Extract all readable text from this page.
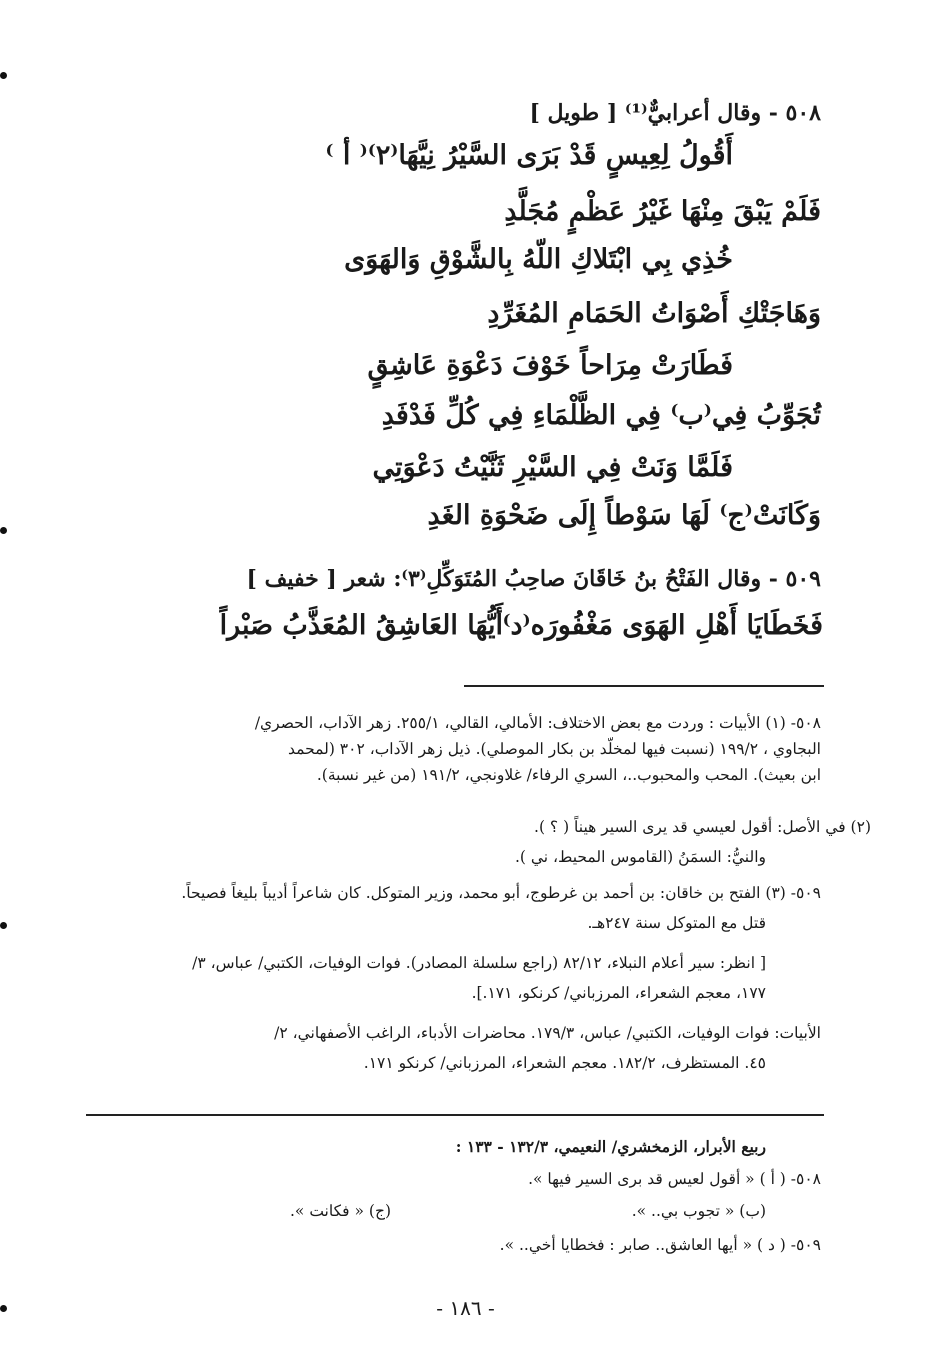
٥٠٨ - وقال أعرابيٌّ⁽¹⁾ [ طويل ]
أَقُولُ لِعِيسٍ قَدْ بَرَى السَّيْرُ نِيَّهَا⁽٢⁾⁽ أ ⁾
فَلَمْ يَبْقَ مِنْهَا غَيْرُ عَظْمٍ مُجَلَّدِ
خُذِي بِي ابْتَلاكِ اللّهُ بِالشَّوْقِ وَالهَوَى
وَهَاجَتْكِ أَصْوَاتُ الحَمَامِ المُغَرِّدِ
فَطَارَتْ مِرَاحاً خَوْفَ دَعْوَةِ عَاشِقٍ
تُجَوِّبُ فِي⁽ب⁾ فِي الظَّلْمَاءِ فِي كُلِّ فَدْفَدِ
فَلَمَّا وَنَتْ فِي السَّيْرِ ثَنَّيْتُ دَعْوَتِي
وَكَانَتْ⁽ج⁾ لَهَا سَوْطاً إِلَى ضَحْوَةِ الغَدِ
٥٠٩ - وقال الفَتْحُ بنُ خَاقَانَ صاحِبُ المُتَوَكِّلِ⁽٣⁾: شعر [ خفيف ]
أَيُّهَا العَاشِقُ المُعَذَّبُ صَبْراً فَخَطَايَا أَهْلِ الهَوَى مَغْفُورَه⁽د⁾
٥٠٨- (١) الأبيات : وردت مع بعض الاختلاف: الأمالي، القالي، ٢٥٥/١. زهر الآداب، الحصري/
البجاوي ، ١٩٩/٢ (نسبت فيها لمخلّد بن بكار الموصلي). ذيل زهر الآداب، ٣٠٢ (لمحمد
ابن بعيث). المحب والمحبوب..، السري الرفاء/ غلاونجي، ١٩١/٢ (من غير نسبة).
(٢) في الأصل: أقول لعيسي قد يرى السير هيناً ( ؟ ).
والنيُّ: السمَنُ (القاموس المحيط، ني ).
٥٠٩- (٣) الفتح بن خاقان: بن أحمد بن غرطوج، أبو محمد، وزير المتوكل. كان شاعراً أديباً بليغاً فصيحاً.
قتل مع المتوكل سنة ٢٤٧هـ.
[ انظر: سير أعلام النبلاء، ٨٢/١٢ (راجع سلسلة المصادر). فوات الوفيات، الكتبي/ عباس، ٣/
١٧٧، معجم الشعراء، المرزباني/ كرنكو، ١٧١.].
الأبيات: فوات الوفيات، الكتبي/ عباس، ١٧٩/٣. محاضرات الأدباء، الراغب الأصفهاني، ٢/
٤٥. المستظرف، ١٨٢/٢. معجم الشعراء، المرزباني/ كرنكو ١٧١.
ربيع الأبرار، الزمخشري/ النعيمي، ١٣٢/٣ - ١٣٣ :
٥٠٨- ( أ ) « أقول لعيس قد برى السير فيها ».
(ب) « تجوب بي.. ».
(ج) « فكانت ».
٥٠٩- ( د ) « أيها العاشق.. صابر : فخطايا أخي.. ».
- ١٨٦ -
